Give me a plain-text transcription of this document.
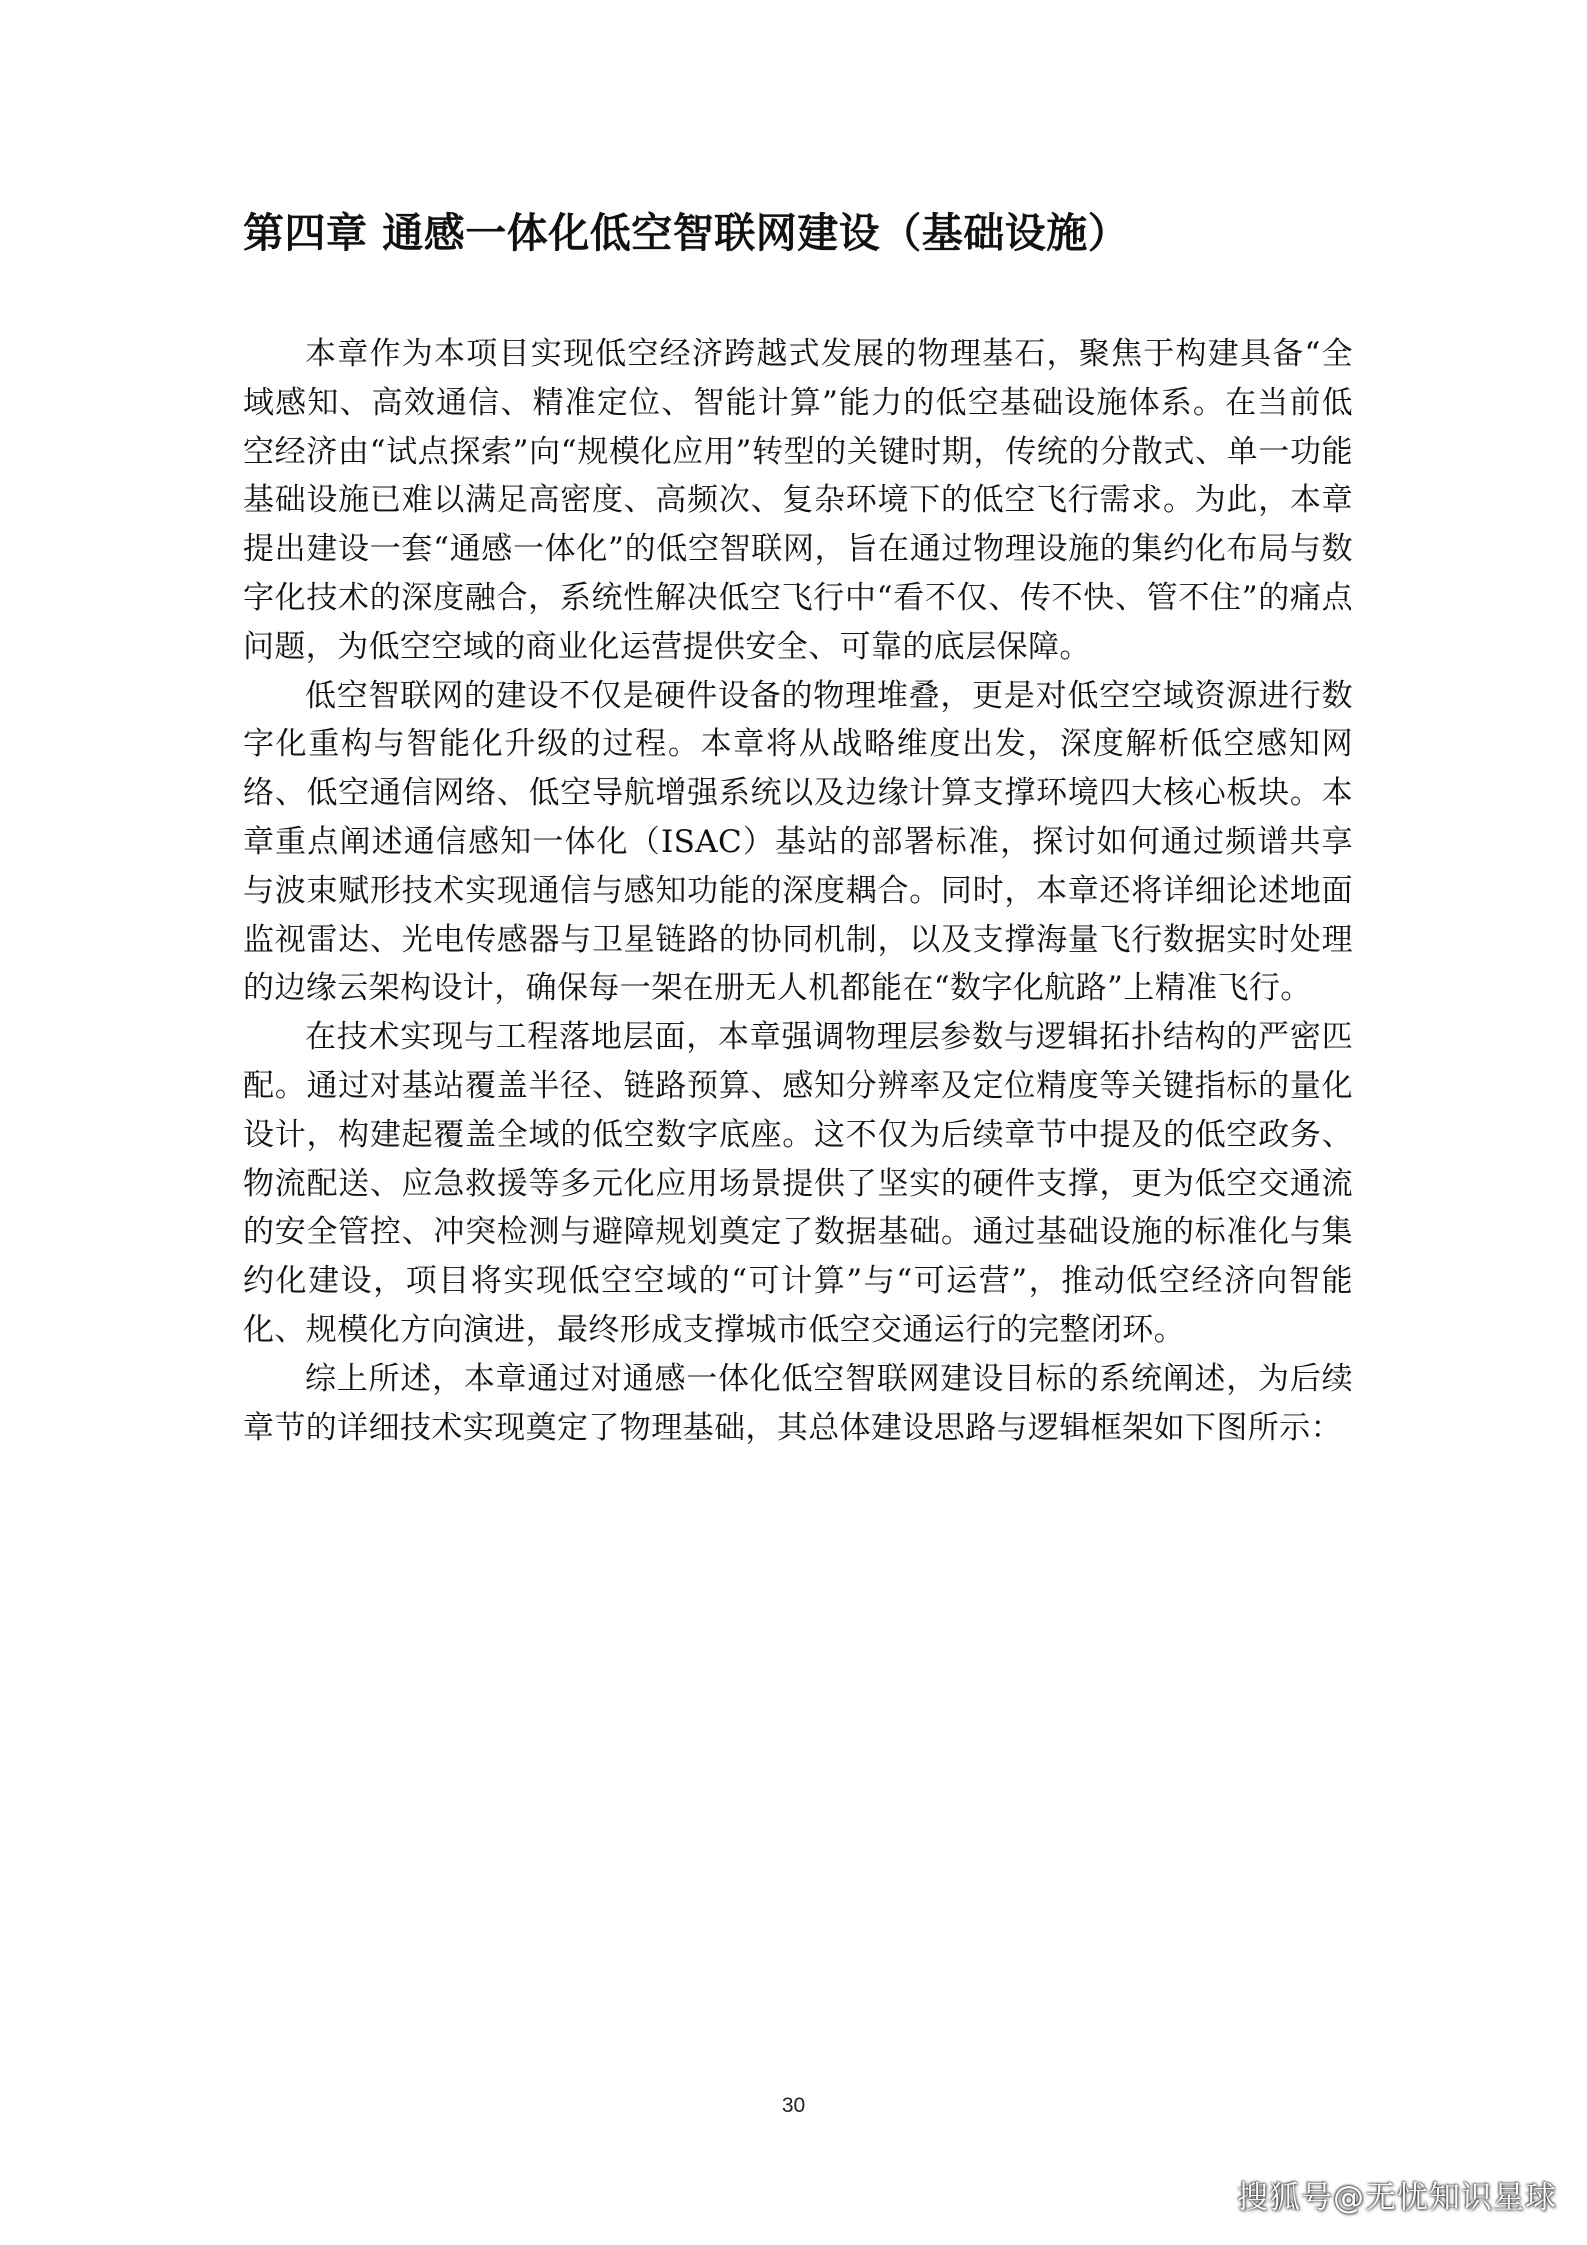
第四章 通感一体化低空智联网建设（基础设施）

本章作为本项目实现低空经济跨越式发展的物理基石，聚焦于构建具备“全域感知、高效通信、精准定位、智能计算”能力的低空基础设施体系。在当前低空经济由“试点探索”向“规模化应用”转型的关键时期，传统的分散式、单一功能基础设施已难以满足高密度、高频次、复杂环境下的低空飞行需求。为此，本章提出建设一套“通感一体化”的低空智联网，旨在通过物理设施的集约化布局与数字化技术的深度融合，系统性解决低空飞行中“看不仅、传不快、管不住”的痛点问题，为低空空域的商业化运营提供安全、可靠的底层保障。

低空智联网的建设不仅是硬件设备的物理堆叠，更是对低空空域资源进行数字化重构与智能化升级的过程。本章将从战略维度出发，深度解析低空感知网络、低空通信网络、低空导航增强系统以及边缘计算支撑环境四大核心板块。本章重点阐述通信感知一体化（ISAC）基站的部署标准，探讨如何通过频谱共享与波束赋形技术实现通信与感知功能的深度耦合。同时，本章还将详细论述地面监视雷达、光电传感器与卫星链路的协同机制，以及支撑海量飞行数据实时处理的边缘云架构设计，确保每一架在册无人机都能在“数字化航路”上精准飞行。

在技术实现与工程落地层面，本章强调物理层参数与逻辑拓扑结构的严密匹配。通过对基站覆盖半径、链路预算、感知分辨率及定位精度等关键指标的量化设计，构建起覆盖全域的低空数字底座。这不仅为后续章节中提及的低空政务、物流配送、应急救援等多元化应用场景提供了坚实的硬件支撑，更为低空交通流的安全管控、冲突检测与避障规划奠定了数据基础。通过基础设施的标准化与集约化建设，项目将实现低空空域的“可计算”与“可运营”，推动低空经济向智能化、规模化方向演进，最终形成支撑城市低空交通运行的完整闭环。

综上所述，本章通过对通感一体化低空智联网建设目标的系统阐述，为后续章节的详细技术实现奠定了物理基础，其总体建设思路与逻辑框架如下图所示：

30
搜狐号@无忧知识星球
